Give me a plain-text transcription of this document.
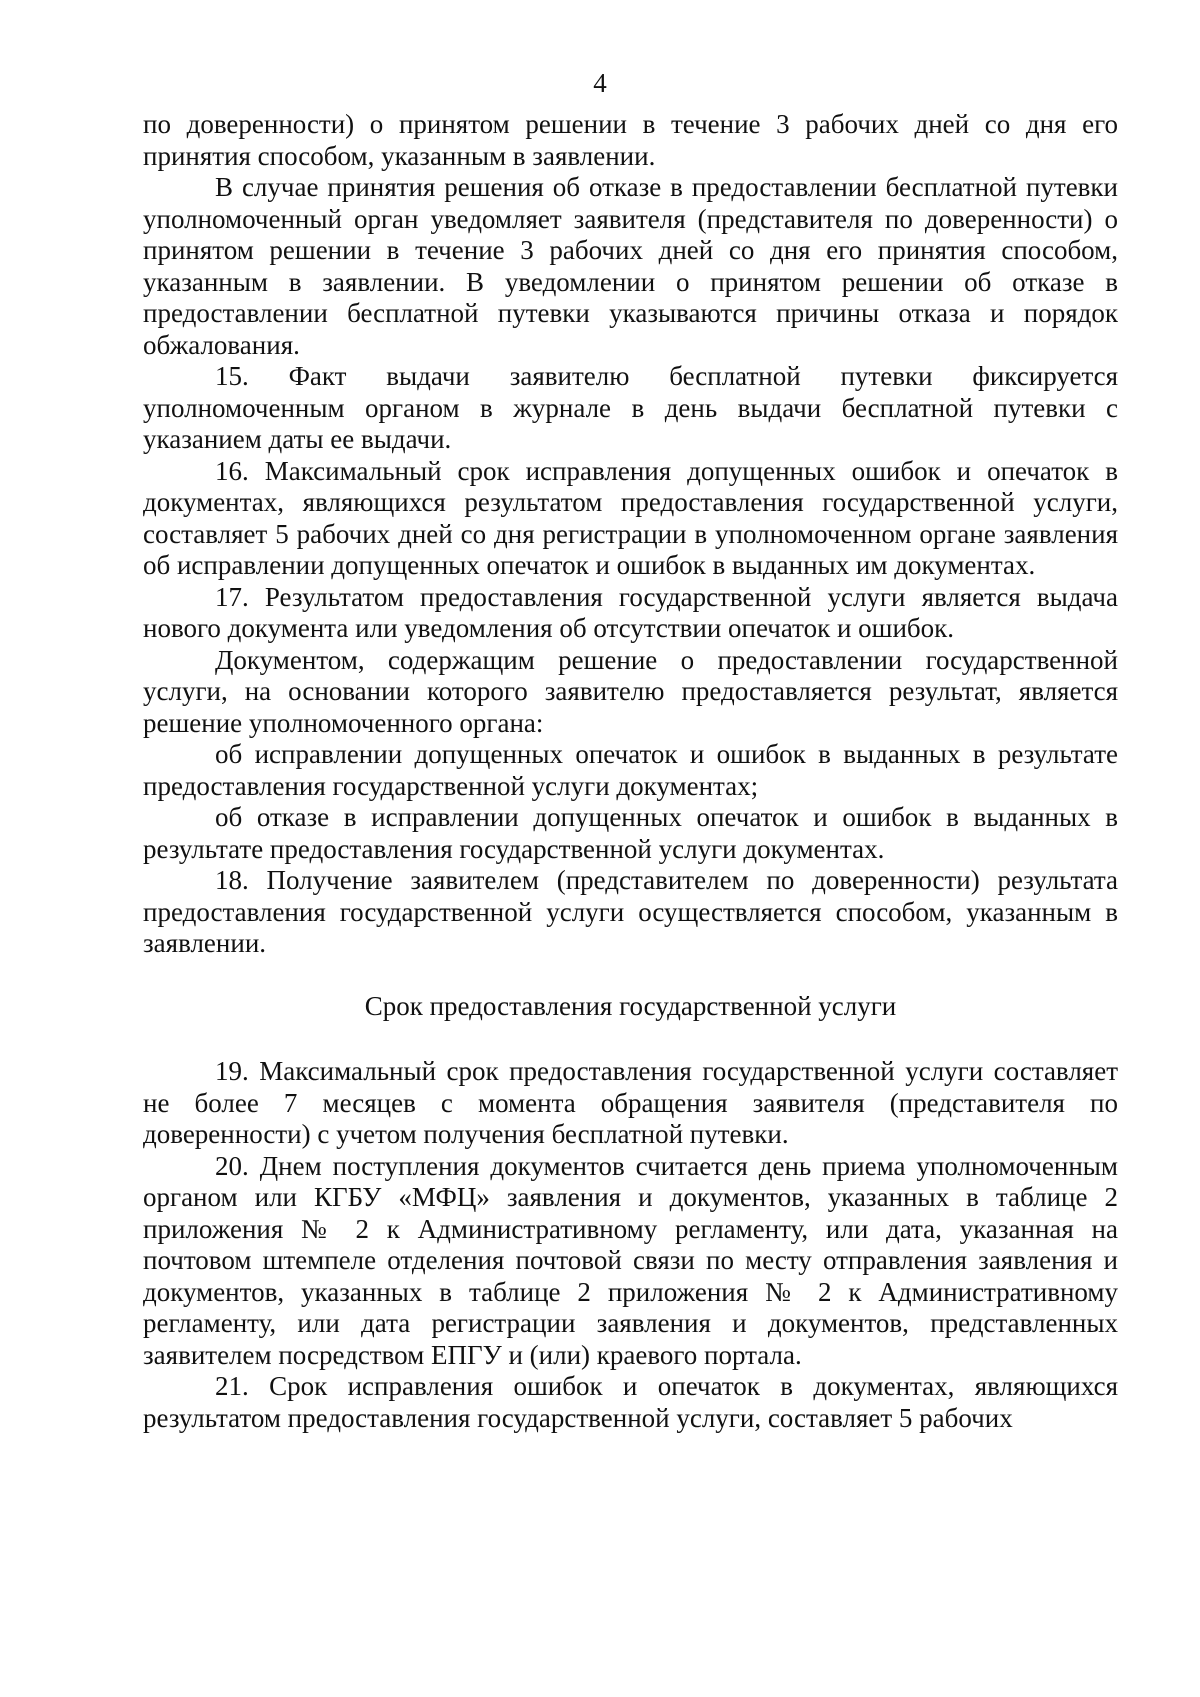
4

по доверенности) о принятом решении в течение 3 рабочих дней со дня его принятия способом, указанным в заявлении.

В случае принятия решения об отказе в предоставлении бесплатной путевки уполномоченный орган уведомляет заявителя (представителя по доверенности) о принятом решении в течение 3 рабочих дней со дня его принятия способом, указанным в заявлении. В уведомлении о принятом решении об отказе в предоставлении бесплатной путевки указываются причины отказа и порядок обжалования.

15. Факт выдачи заявителю бесплатной путевки фиксируется уполномоченным органом в журнале в день выдачи бесплатной путевки с указанием даты ее выдачи.

16. Максимальный срок исправления допущенных ошибок и опечаток в документах, являющихся результатом предоставления государственной услуги, составляет 5 рабочих дней со дня регистрации в уполномоченном органе заявления об исправлении допущенных опечаток и ошибок в выданных им документах.

17. Результатом предоставления государственной услуги является выдача нового документа или уведомления об отсутствии опечаток и ошибок.

Документом, содержащим решение о предоставлении государственной услуги, на основании которого заявителю предоставляется результат, является решение уполномоченного органа:

об исправлении допущенных опечаток и ошибок в выданных в результате предоставления государственной услуги документах;

об отказе в исправлении допущенных опечаток и ошибок в выданных в результате предоставления государственной услуги документах.

18. Получение заявителем (представителем по доверенности) результата предоставления государственной услуги осуществляется способом, указанным в заявлении.

Срок предоставления государственной услуги

19. Максимальный срок предоставления государственной услуги составляет не более 7 месяцев с момента обращения заявителя (представителя по доверенности) с учетом получения бесплатной путевки.

20. Днем поступления документов считается день приема уполномоченным органом или КГБУ «МФЦ» заявления и документов, указанных в таблице 2 приложения № 2 к Административному регламенту, или дата, указанная на почтовом штемпеле отделения почтовой связи по месту отправления заявления и документов, указанных в таблице 2 приложения № 2 к Административному регламенту, или дата регистрации заявления и документов, представленных заявителем посредством ЕПГУ и (или) краевого портала.

21. Срок исправления ошибок и опечаток в документах, являющихся результатом предоставления государственной услуги, составляет 5 рабочих
